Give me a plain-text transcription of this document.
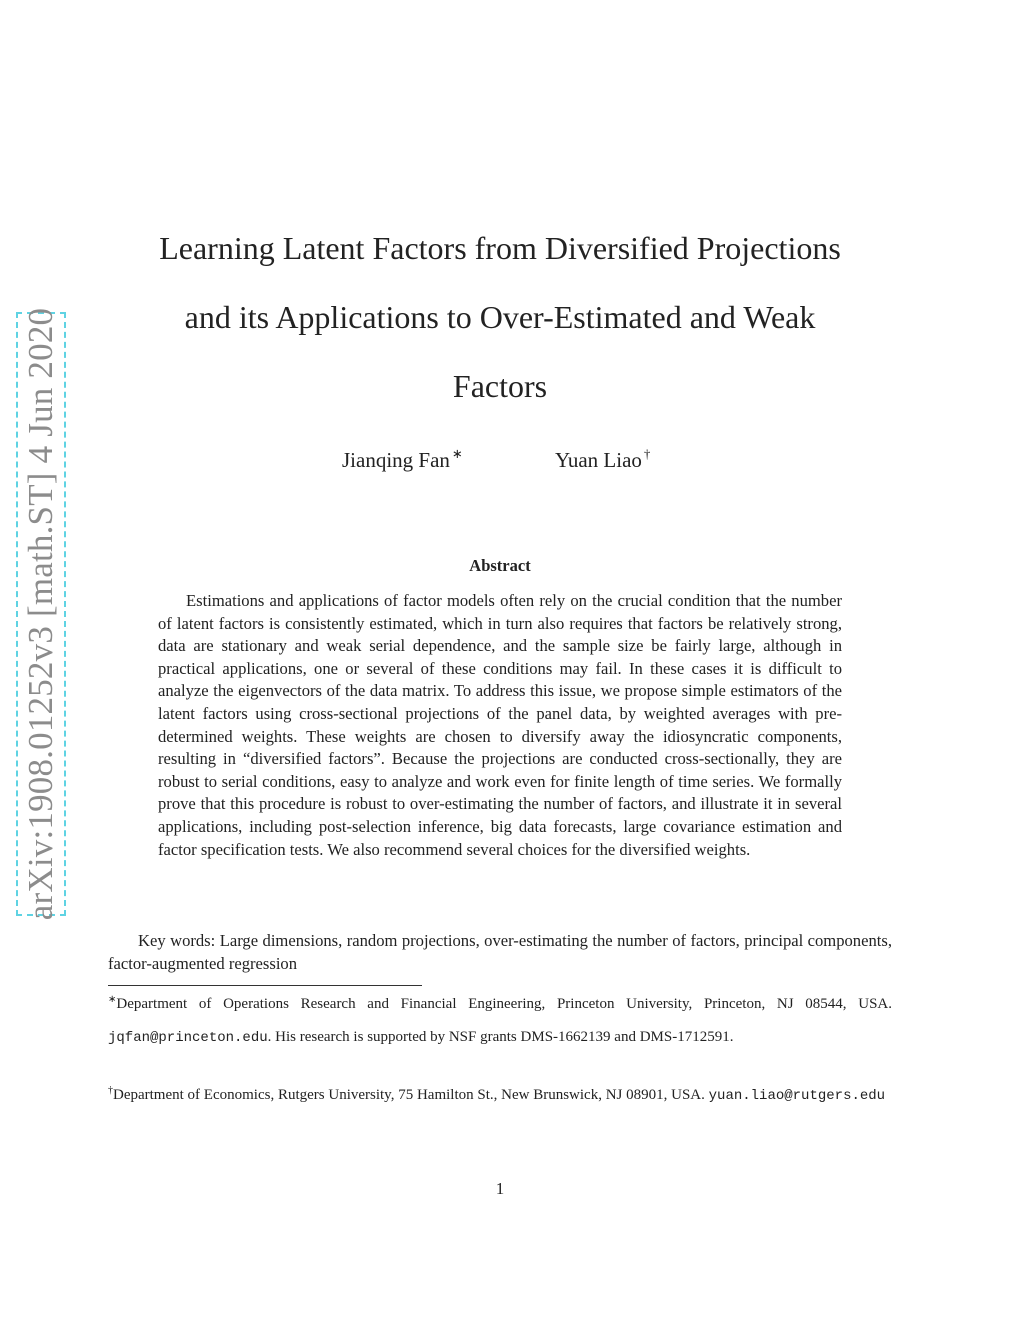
arXiv:1908.01252v3 [math.ST] 4 Jun 2020
Learning Latent Factors from Diversified Projections
and its Applications to Over-Estimated and Weak
Factors
Jianqing Fan ∗	Yuan Liao †
Abstract

Estimations and applications of factor models often rely on the crucial condition that the number of latent factors is consistently estimated, which in turn also requires that factors be relatively strong, data are stationary and weak serial dependence, and the sample size be fairly large, although in practical applications, one or several of these conditions may fail. In these cases it is difficult to analyze the eigenvectors of the data matrix. To address this issue, we propose simple estimators of the latent factors using cross-sectional projections of the panel data, by weighted averages with pre-determined weights. These weights are chosen to diversify away the idiosyncratic components, resulting in “diversified factors”. Because the projections are conducted cross-sectionally, they are robust to serial conditions, easy to analyze and work even for finite length of time series. We formally prove that this procedure is robust to over-estimating the number of factors, and illustrate it in several applications, including post-selection inference, big data forecasts, large covariance estimation and factor specification tests. We also recommend several choices for the diversified weights.

Key words: Large dimensions, random projections, over-estimating the number of factors, principal components, factor-augmented regression

∗Department of Operations Research and Financial Engineering, Princeton University, Princeton, NJ 08544, USA. jqfan@princeton.edu. His research is supported by NSF grants DMS-1662139 and DMS-1712591.

†Department of Economics, Rutgers University, 75 Hamilton St., New Brunswick, NJ 08901, USA. yuan.liao@rutgers.edu

1
